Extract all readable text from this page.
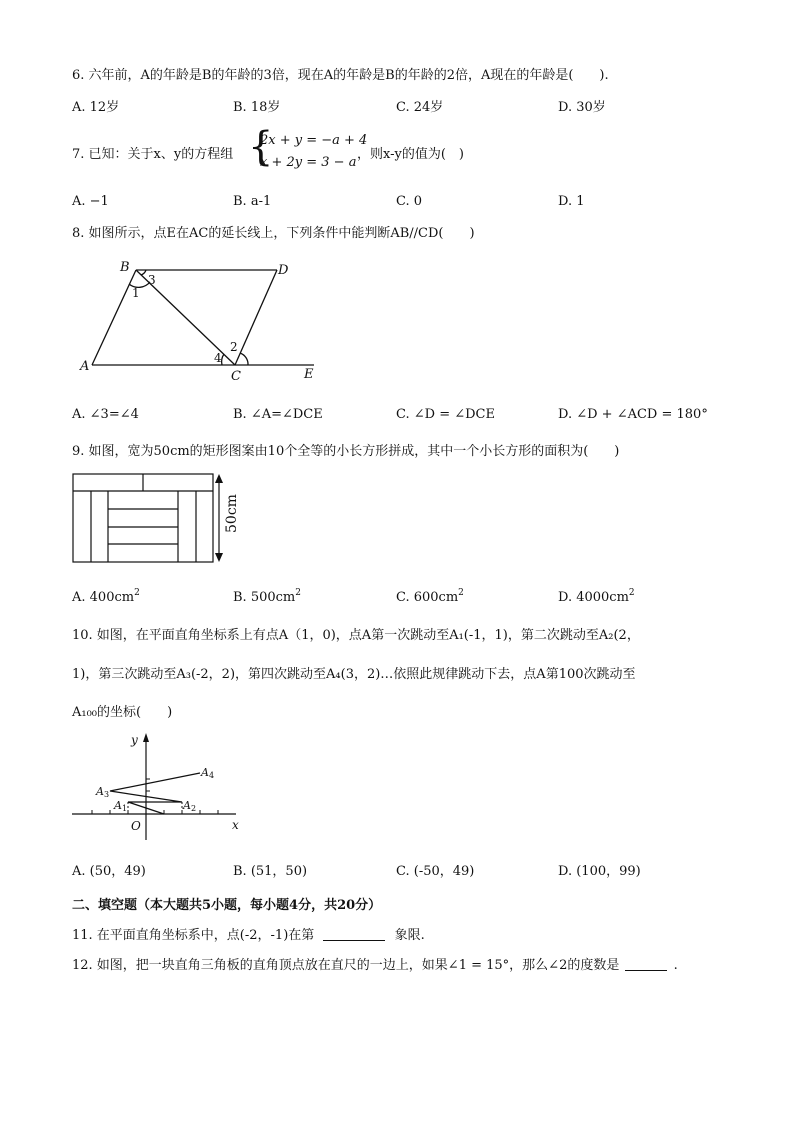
6. 六年前，A的年龄是B的年龄的3倍，现在A的年龄是B的年龄的2倍，A现在的年龄是(　　).
A. 12岁	B. 18岁	C. 24岁	D. 30岁
7. 已知：关于x、y的方程组 {
2x + y = −a + 4
x + 2y = 3 − a
，则x-y的值为(　)
A. −1	B. a-1	C. 0	D. 1
8. 如图所示，点E在AC的延长线上，下列条件中能判断AB//CD(　　)
B	D
A
C	E
1
3
2
4
A. ∠3=∠4	B. ∠A=∠DCE	C. ∠D = ∠DCE	D. ∠D + ∠ACD = 180°
9. 如图，宽为50cm的矩形图案由10个全等的小长方形拼成，其中一个小长方形的面积为(　　)
50cm
A. $400cm^2$	B. $500cm^2$	C. $600cm^2$	D. $4000cm^2$
10. 如图，在平面直角坐标系上有点A（1，0)，点A第一次跳动至A₁(-1，1)，第二次跳动至A₂(2，
1)，第三次跳动至A₃(-2，2)，第四次跳动至A₄(3，2)…依照此规律跳动下去，点A第100次跳动至
A₁₀₀的坐标(　　)
y
x
O
A1	A2
A3
A4
A. (50，49)	B. (51，50)	C. (-50，49)	D. (100，99)
二、填空题（本大题共5小题，每小题4分，共20分）
11. 在平面直角坐标系中，点(-2，-1)在第	象限.
12. 如图，把一块直角三角板的直角顶点放在直尺的一边上，如果∠1 = 15°，那么∠2的度数是	.
